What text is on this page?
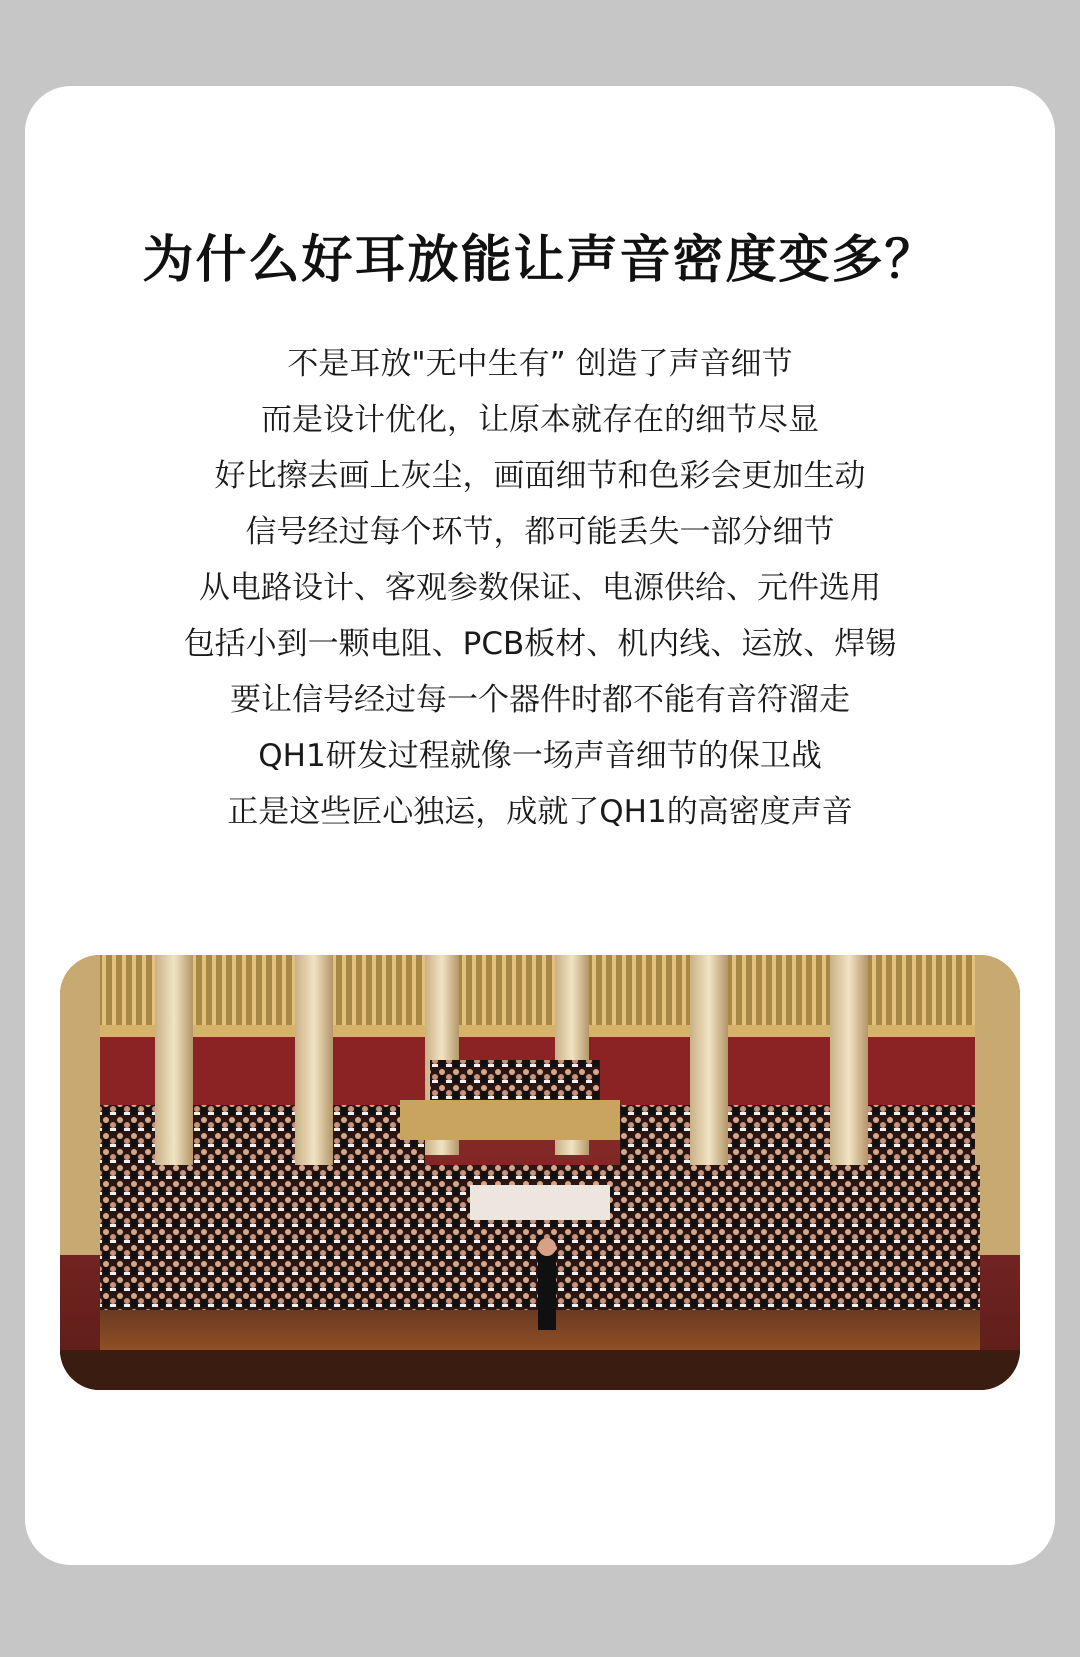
为什么好耳放能让声音密度变多？
不是耳放"无中生有” 创造了声音细节
而是设计优化，让原本就存在的细节尽显
好比擦去画上灰尘，画面细节和色彩会更加生动
信号经过每个环节，都可能丢失一部分细节
从电路设计、客观参数保证、电源供给、元件选用
包括小到一颗电阻、PCB板材、机内线、运放、焊锡
要让信号经过每一个器件时都不能有音符溜走
QH1研发过程就像一场声音细节的保卫战
正是这些匠心独运，成就了QH1的高密度声音
